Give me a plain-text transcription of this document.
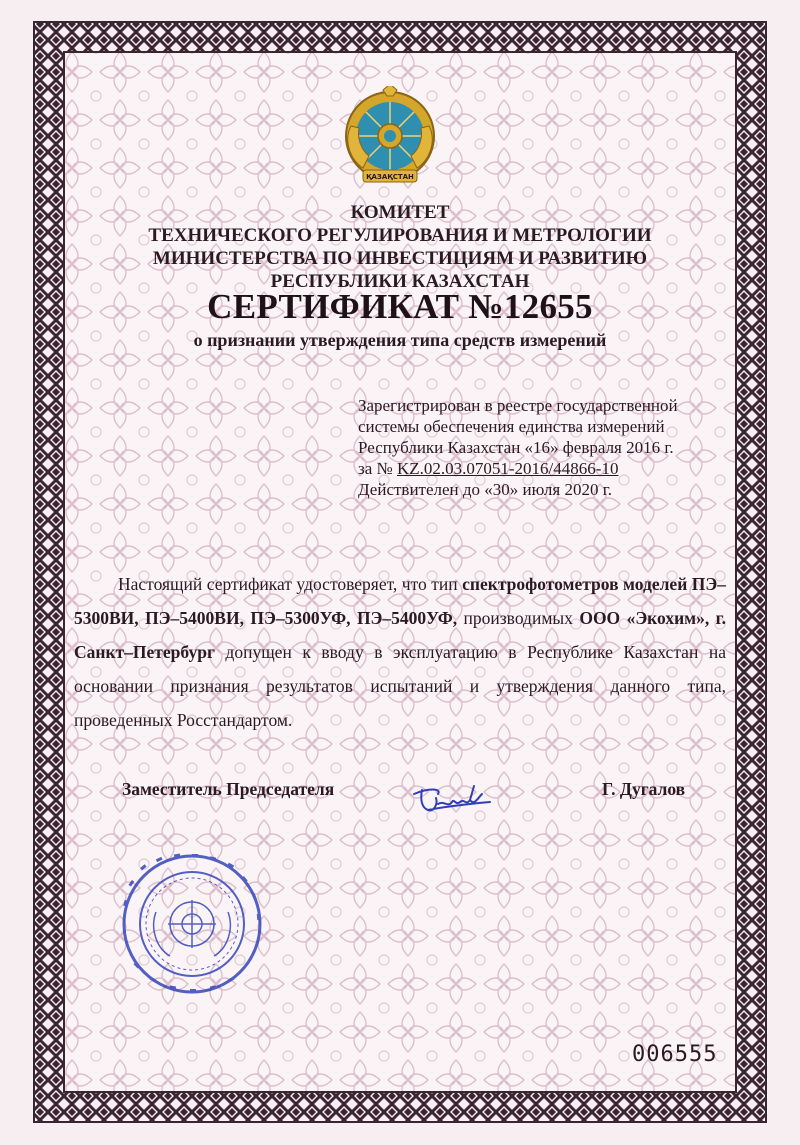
ҚАЗАҚСТАН
КОМИТЕТ
ТЕХНИЧЕСКОГО РЕГУЛИРОВАНИЯ И МЕТРОЛОГИИ
МИНИСТЕРСТВА ПО ИНВЕСТИЦИЯМ И РАЗВИТИЮ
РЕСПУБЛИКИ КАЗАХСТАН
СЕРТИФИКАТ №12655
о признании утверждения типа средств измерений
Зарегистрирован в реестре государственной
системы обеспечения единства измерений
Республики Казахстан «16» февраля 2016 г.
за № KZ.02.03.07051-2016/44866-10
Действителен до «30» июля 2020 г.
Настоящий сертификат удостоверяет, что тип спектрофотометров моделей ПЭ–5300ВИ, ПЭ–5400ВИ, ПЭ–5300УФ, ПЭ–5400УФ, производимых ООО «Экохим», г. Санкт–Петербург допущен к вводу в эксплуатацию в Республике Казахстан на основании признания результатов испытаний и утверждения данного типа, проведенных Росстандартом.
Заместитель Председателя	Г. Дугалов
006555
